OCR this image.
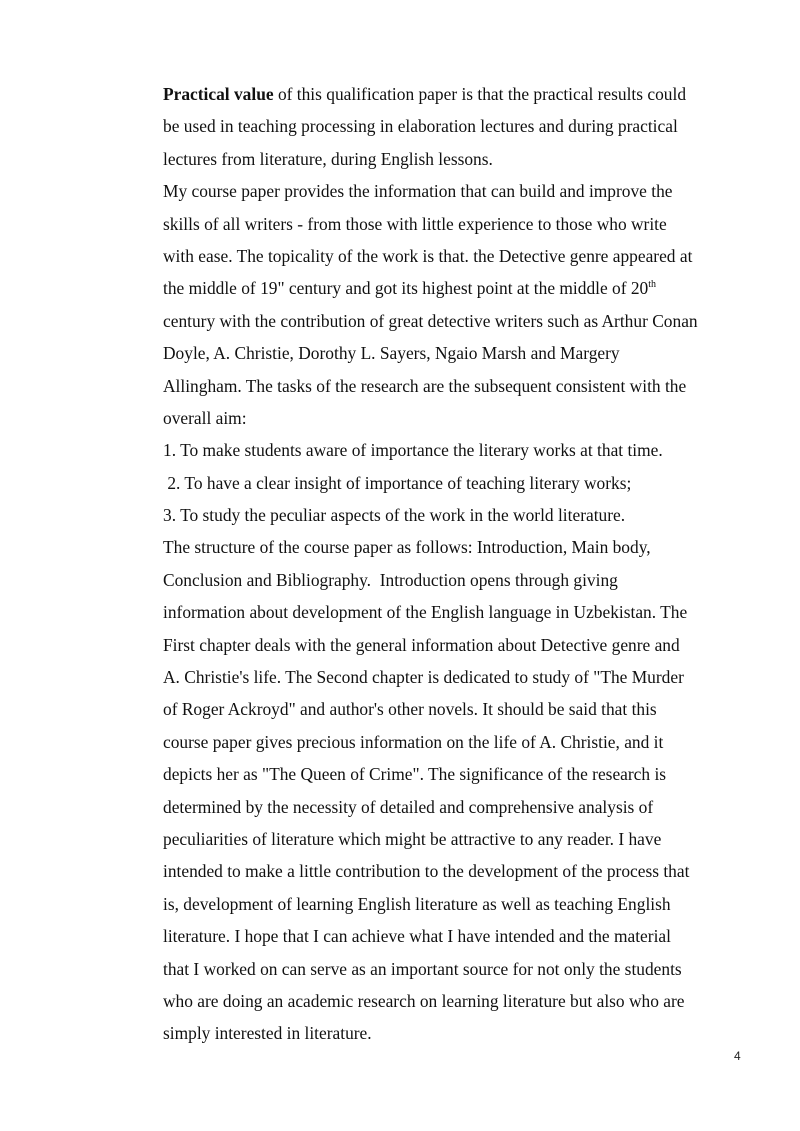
Practical value of this qualification paper is that the practical results could
be used in teaching processing in elaboration lectures and during practical
lectures from literature, during English lessons.
My course paper provides the information that can build and improve the
skills of all writers - from those with little experience to those who write
with ease. The topicality of the work is that. the Detective genre appeared at
the middle of 19" century and got its highest point at the middle of 20th
century with the contribution of great detective writers such as Arthur Conan
Doyle, A. Christie, Dorothy L. Sayers, Ngaio Marsh and Margery
Allingham. The tasks of the research are the subsequent consistent with the
overall aim:
1. To make students aware of importance the literary works at that time.
2. To have a clear insight of importance of teaching literary works;
3. To study the peculiar aspects of the work in the world literature.
The structure of the course paper as follows: Introduction, Main body,
Conclusion and Bibliography.  Introduction opens through giving
information about development of the English language in Uzbekistan. The
First chapter deals with the general information about Detective genre and
A. Christie's life. The Second chapter is dedicated to study of "The Murder
of Roger Ackroyd" and author's other novels. It should be said that this
course paper gives precious information on the life of A. Christie, and it
depicts her as "The Queen of Crime". The significance of the research is
determined by the necessity of detailed and comprehensive analysis of
peculiarities of literature which might be attractive to any reader. I have
intended to make a little contribution to the development of the process that
is, development of learning English literature as well as teaching English
literature. I hope that I can achieve what I have intended and the material
that I worked on can serve as an important source for not only the students
who are doing an academic research on learning literature but also who are
simply interested in literature.
4
